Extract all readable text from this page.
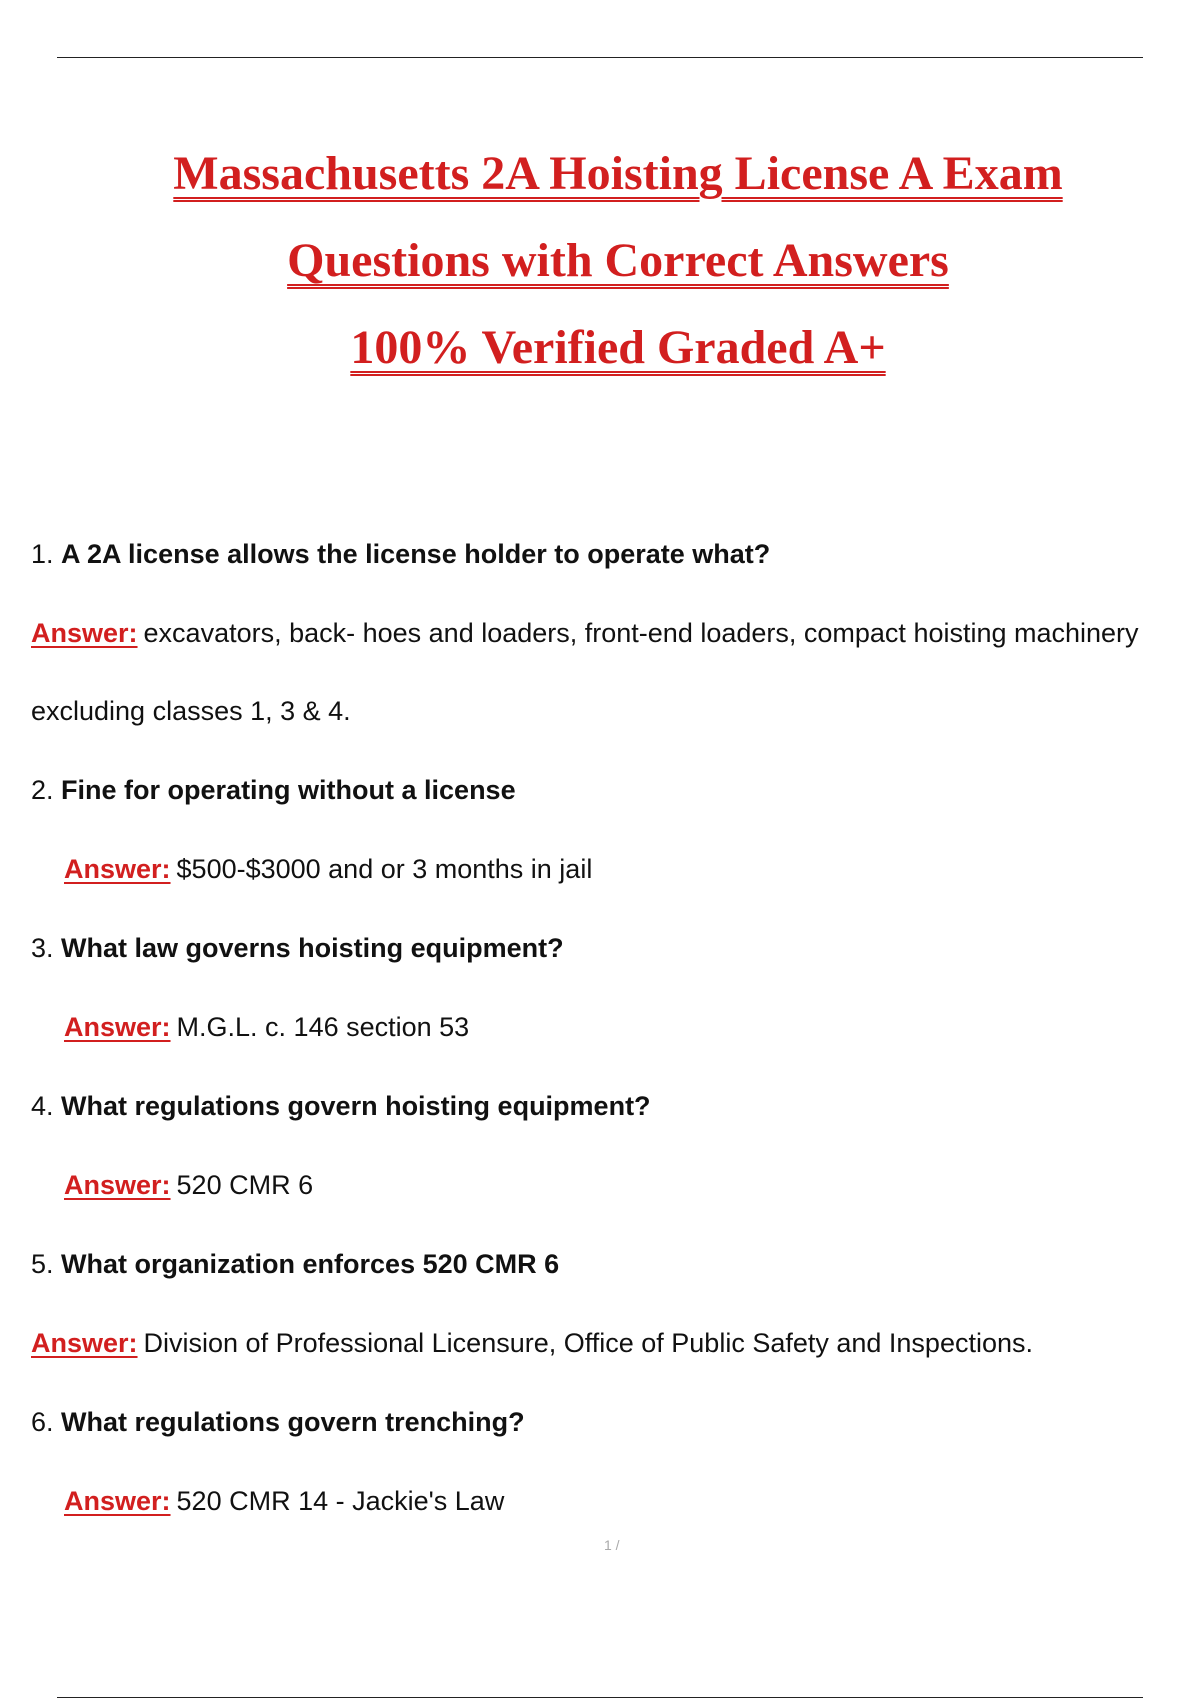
Massachusetts 2A Hoisting License A Exam
Questions with Correct Answers
100% Verified Graded A+
1. A 2A license allows the license holder to operate what?
Answer: excavators, back- hoes and loaders, front-end loaders, compact hoisting machinery
excluding classes 1, 3 & 4.
2. Fine for operating without a license
Answer: $500-$3000 and or 3 months in jail
3. What law governs hoisting equipment?
Answer: M.G.L. c. 146 section 53
4. What regulations govern hoisting equipment?
Answer: 520 CMR 6
5. What organization enforces 520 CMR 6
Answer: Division of Professional Licensure, Office of Public Safety and Inspections.
6. What regulations govern trenching?
Answer: 520 CMR 14 - Jackie's Law
1 /
